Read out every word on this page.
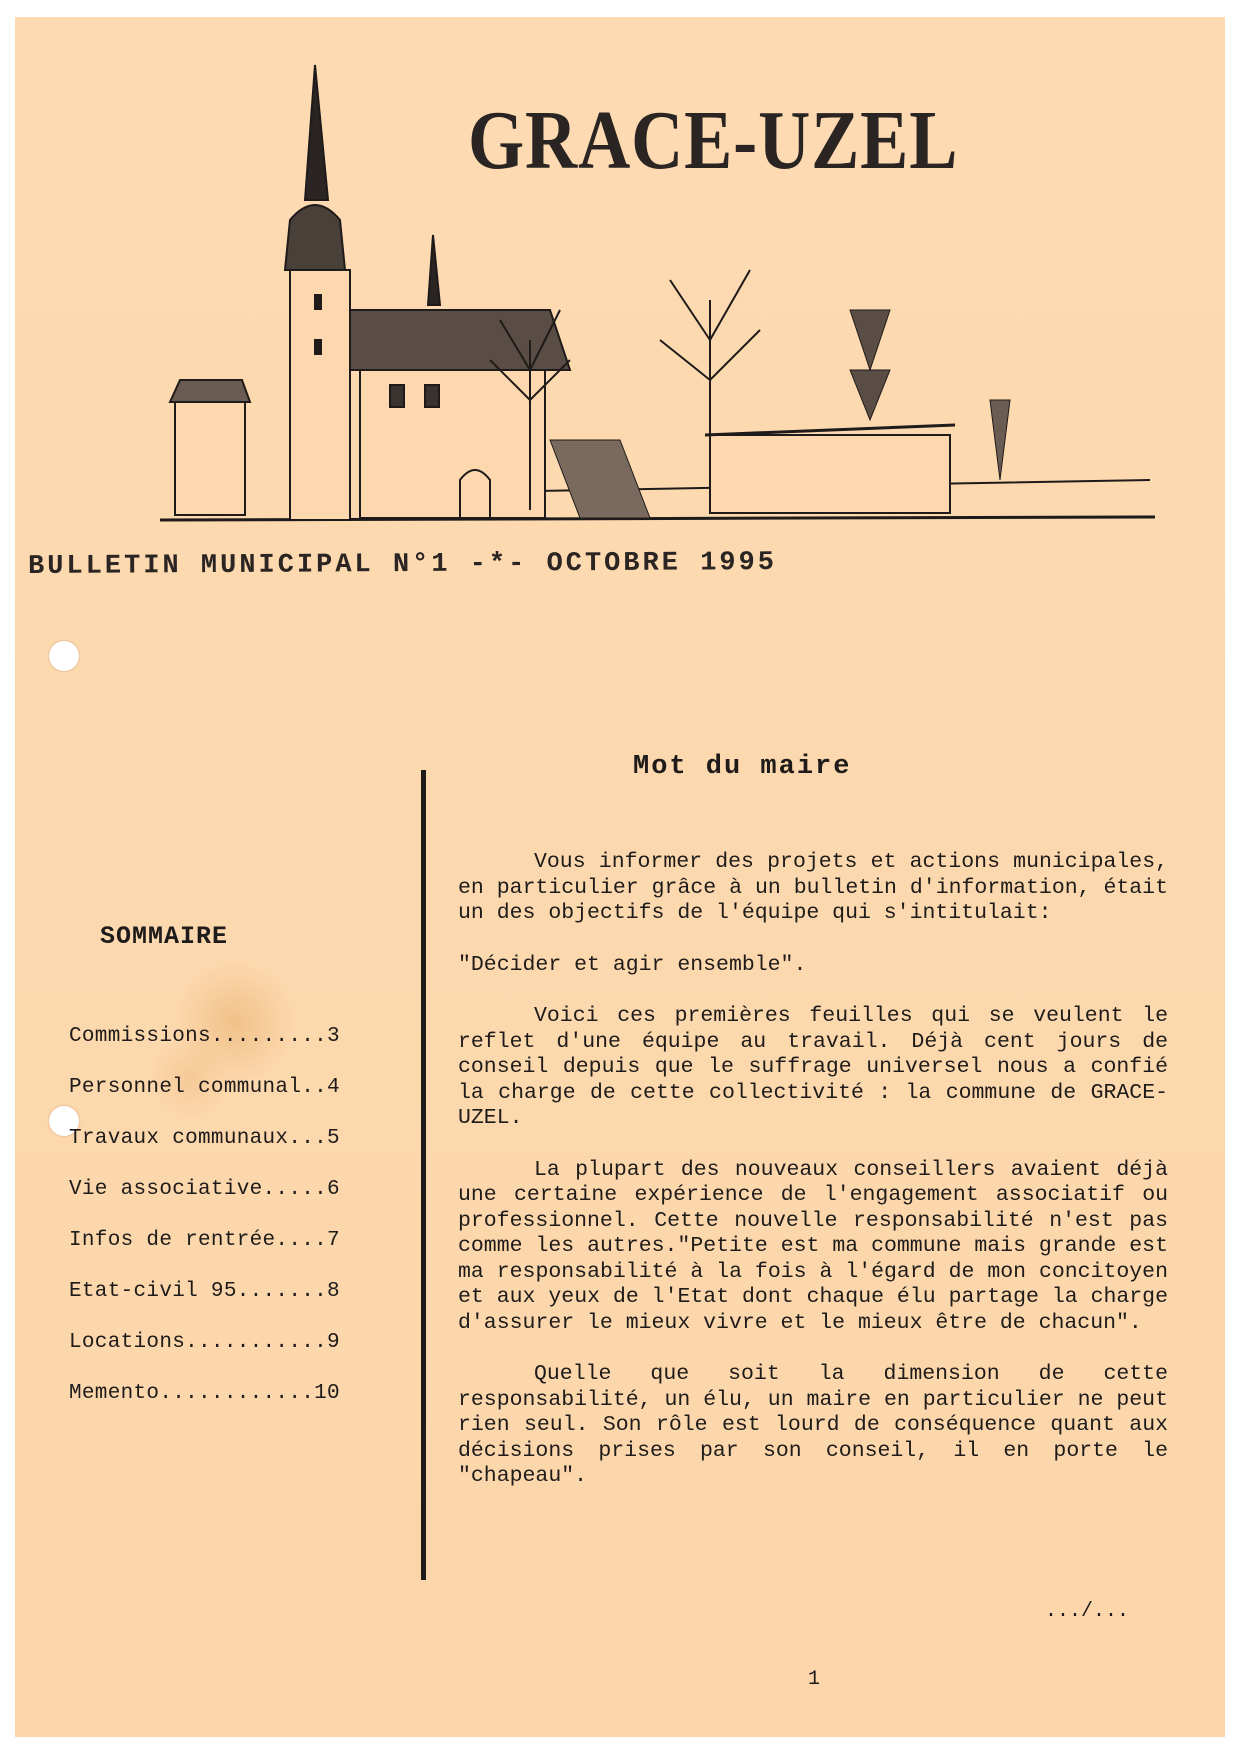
GRACE-UZEL
BULLETIN MUNICIPAL N°1 -*- OCTOBRE 1995
Mot du maire
SOMMAIRE
Commissions.........3
Personnel communal..4
Travaux communaux...5
Vie associative.....6
Infos de rentrée....7
Etat-civil 95.......8
Locations...........9
Memento............10

Vous informer des projets et actions municipales, en particulier grâce à un bulletin d'information, était un des objectifs de l'équipe qui s'intitulait:

"Décider et agir ensemble".

Voici ces premières feuilles qui se veulent le reflet d'une équipe au travail. Déjà cent jours de conseil depuis que le suffrage universel nous a confié la charge de cette collectivité : la commune de GRACE-UZEL.

La plupart des nouveaux conseillers avaient déjà une certaine expérience de l'engagement associatif ou professionnel. Cette nouvelle responsabilité n'est pas comme les autres."Petite est ma commune mais grande est ma responsabilité à la fois à l'égard de mon concitoyen et aux yeux de l'Etat dont chaque élu partage la charge d'assurer le mieux vivre et le mieux être de chacun".

Quelle que soit la dimension de cette responsabilité, un élu, un maire en particulier ne peut rien seul. Son rôle est lourd de conséquence quant aux décisions prises par son conseil, il en porte le "chapeau".

.../...
1
